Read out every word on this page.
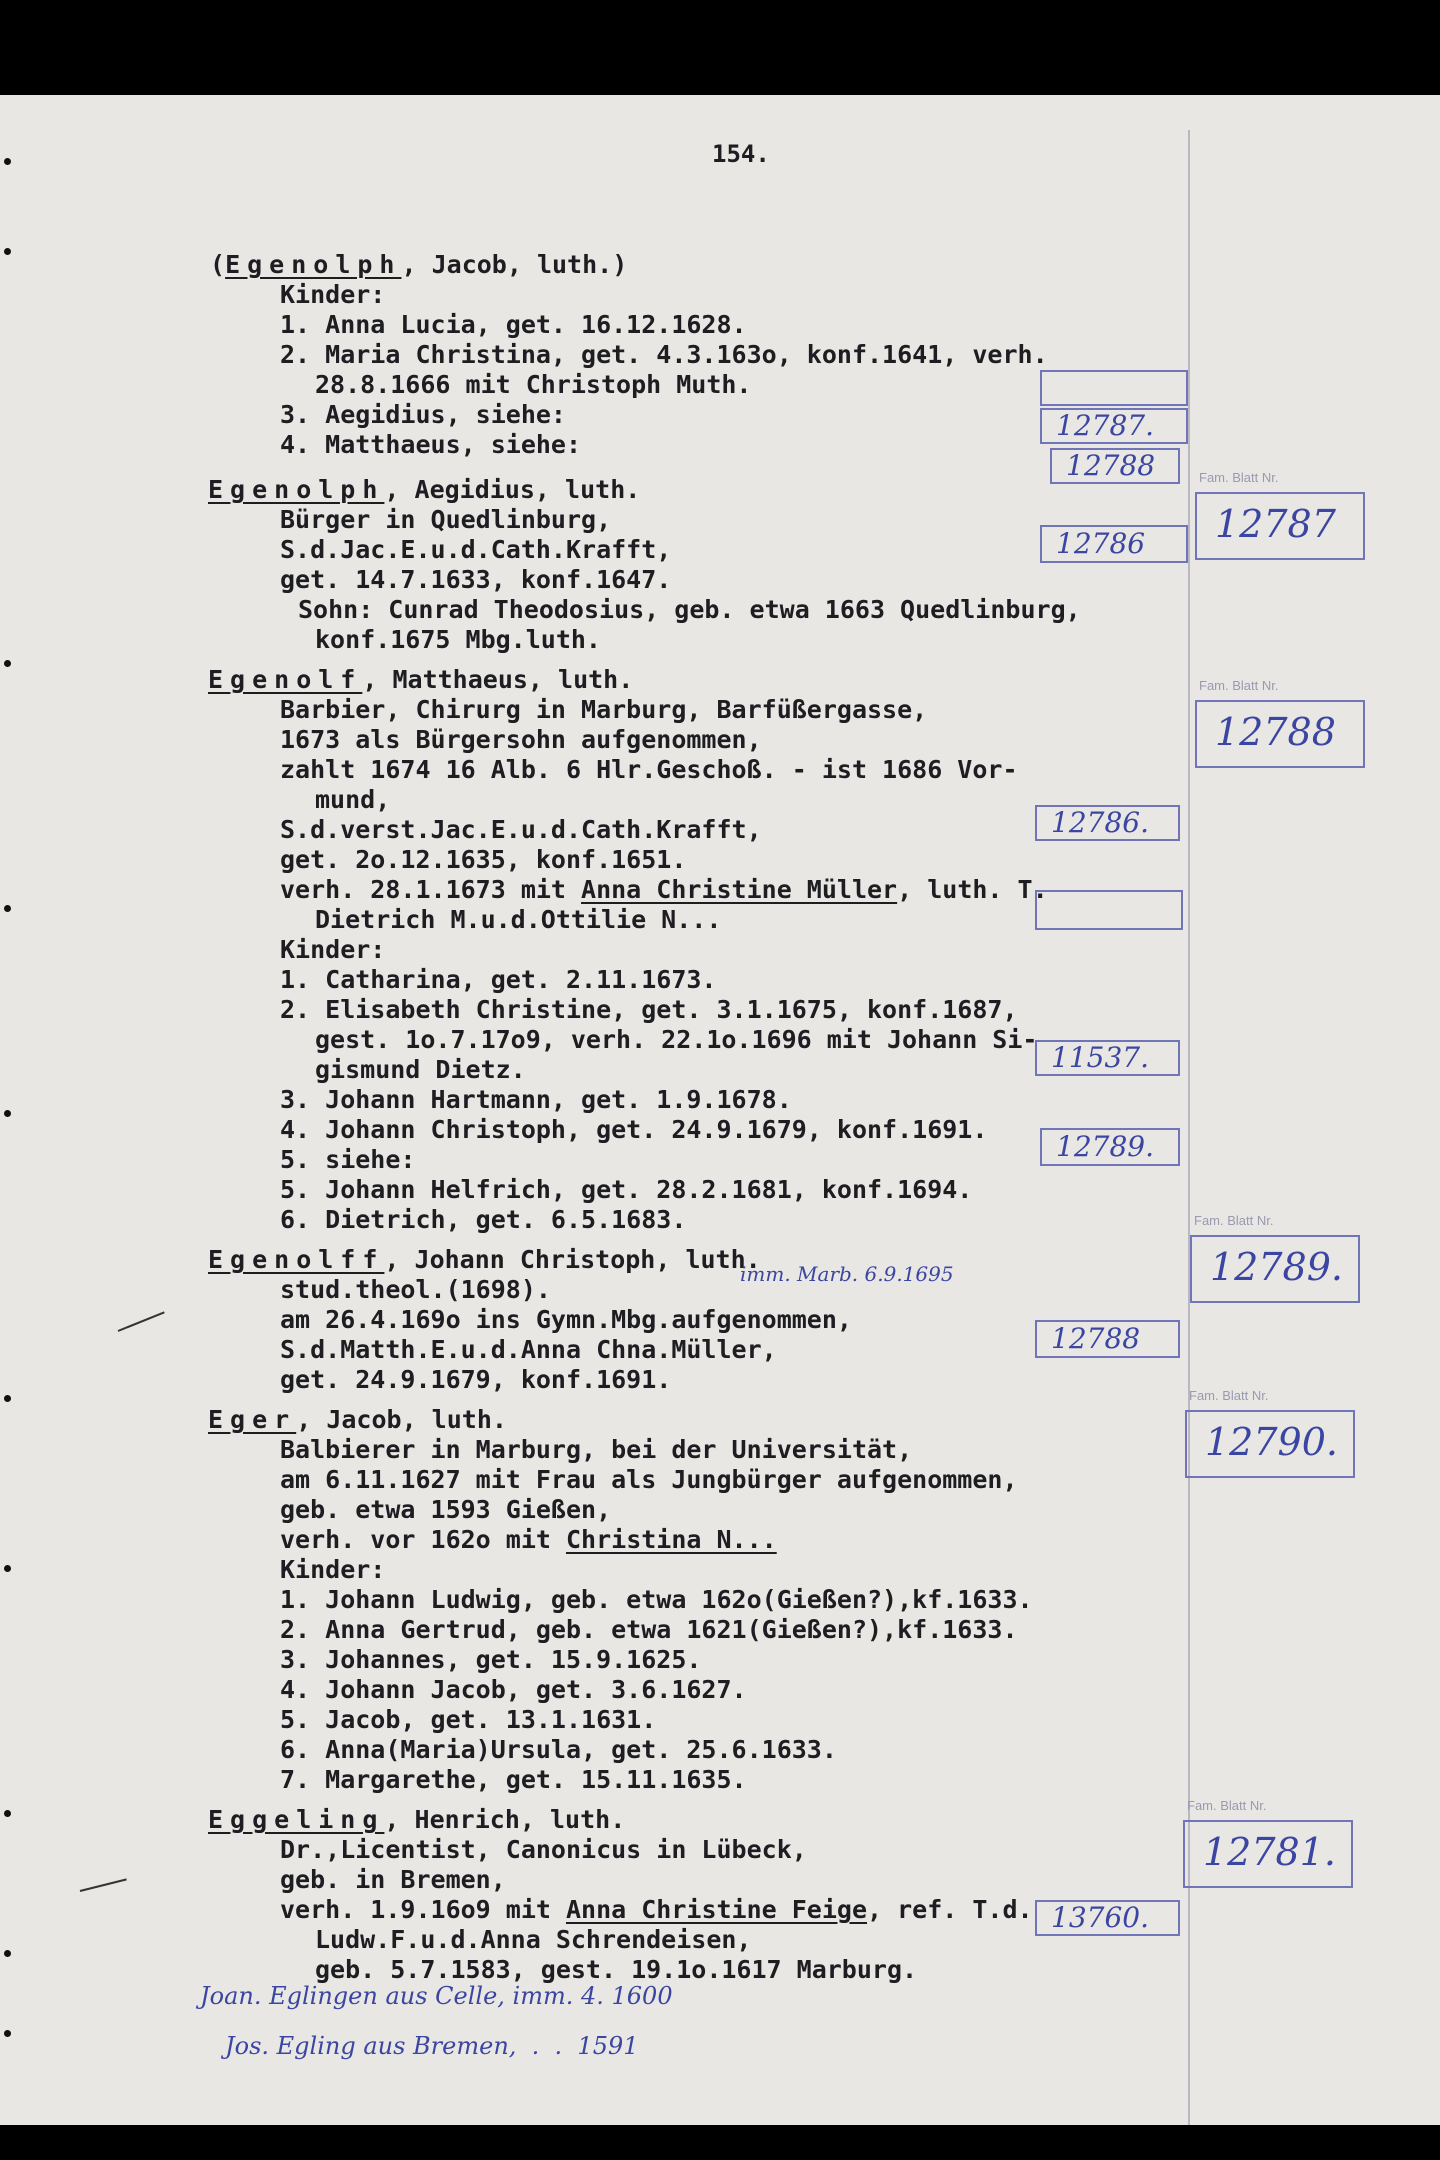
154.
(Egenolph, Jacob, luth.)
Kinder:
1. Anna Lucia, get. 16.12.1628.
2. Maria Christina, get. 4.3.163o, konf.1641, verh.
28.8.1666 mit Christoph Muth.
3. Aegidius, siehe:
4. Matthaeus, siehe:
Egenolph, Aegidius, luth.
Bürger in Quedlinburg,
S.d.Jac.E.u.d.Cath.Krafft,
get. 14.7.1633, konf.1647.
Sohn: Cunrad Theodosius, geb. etwa 1663 Quedlinburg,
konf.1675 Mbg.luth.
Egenolf, Matthaeus, luth.
Barbier, Chirurg in Marburg, Barfüßergasse,
1673 als Bürgersohn aufgenommen,
zahlt 1674 16 Alb. 6 Hlr.Geschoß. - ist 1686 Vor-
mund,
S.d.verst.Jac.E.u.d.Cath.Krafft,
get. 2o.12.1635, konf.1651.
verh. 28.1.1673 mit Anna Christine Müller, luth. T.
Dietrich M.u.d.Ottilie N...
Kinder:
1. Catharina, get. 2.11.1673.
2. Elisabeth Christine, get. 3.1.1675, konf.1687,
gest. 1o.7.17o9, verh. 22.1o.1696 mit Johann Si-
gismund Dietz.
3. Johann Hartmann, get. 1.9.1678.
4. Johann Christoph, get. 24.9.1679, konf.1691.
5. siehe:
5. Johann Helfrich, get. 28.2.1681, konf.1694.
6. Dietrich, get. 6.5.1683.
Egenolff, Johann Christoph, luth.
stud.theol.(1698).
am 26.4.169o ins Gymn.Mbg.aufgenommen,
S.d.Matth.E.u.d.Anna Chna.Müller,
get. 24.9.1679, konf.1691.
Eger, Jacob, luth.
Balbierer in Marburg, bei der Universität,
am 6.11.1627 mit Frau als Jungbürger aufgenommen,
geb. etwa 1593 Gießen,
verh. vor 162o mit Christina N...
Kinder:
1. Johann Ludwig, geb. etwa 162o(Gießen?),kf.1633.
2. Anna Gertrud, geb. etwa 1621(Gießen?),kf.1633.
3. Johannes, get. 15.9.1625.
4. Johann Jacob, get. 3.6.1627.
5. Jacob, get. 13.1.1631.
6. Anna(Maria)Ursula, get. 25.6.1633.
7. Margarethe, get. 15.11.1635.
Eggeling, Henrich, luth.
Dr.,Licentist, Canonicus in Lübeck,
geb. in Bremen,
verh. 1.9.16o9 mit Anna Christine Feige, ref. T.d.
Ludw.F.u.d.Anna Schrendeisen,
geb. 5.7.1583, gest. 19.1o.1617 Marburg.
12787.
12788
12786
12786.
11537.
12789.
12788
13760.
Fam. Blatt Nr.
12787
Fam. Blatt Nr.
12788
Fam. Blatt Nr.
12789.
Fam. Blatt Nr.
12790.
Fam. Blatt Nr.
12781.
imm. Marb. 6.9.1695
Joan. Eglingen aus Celle, imm. 4. 1600
Jos. Egling aus Bremen,  .  .  1591
